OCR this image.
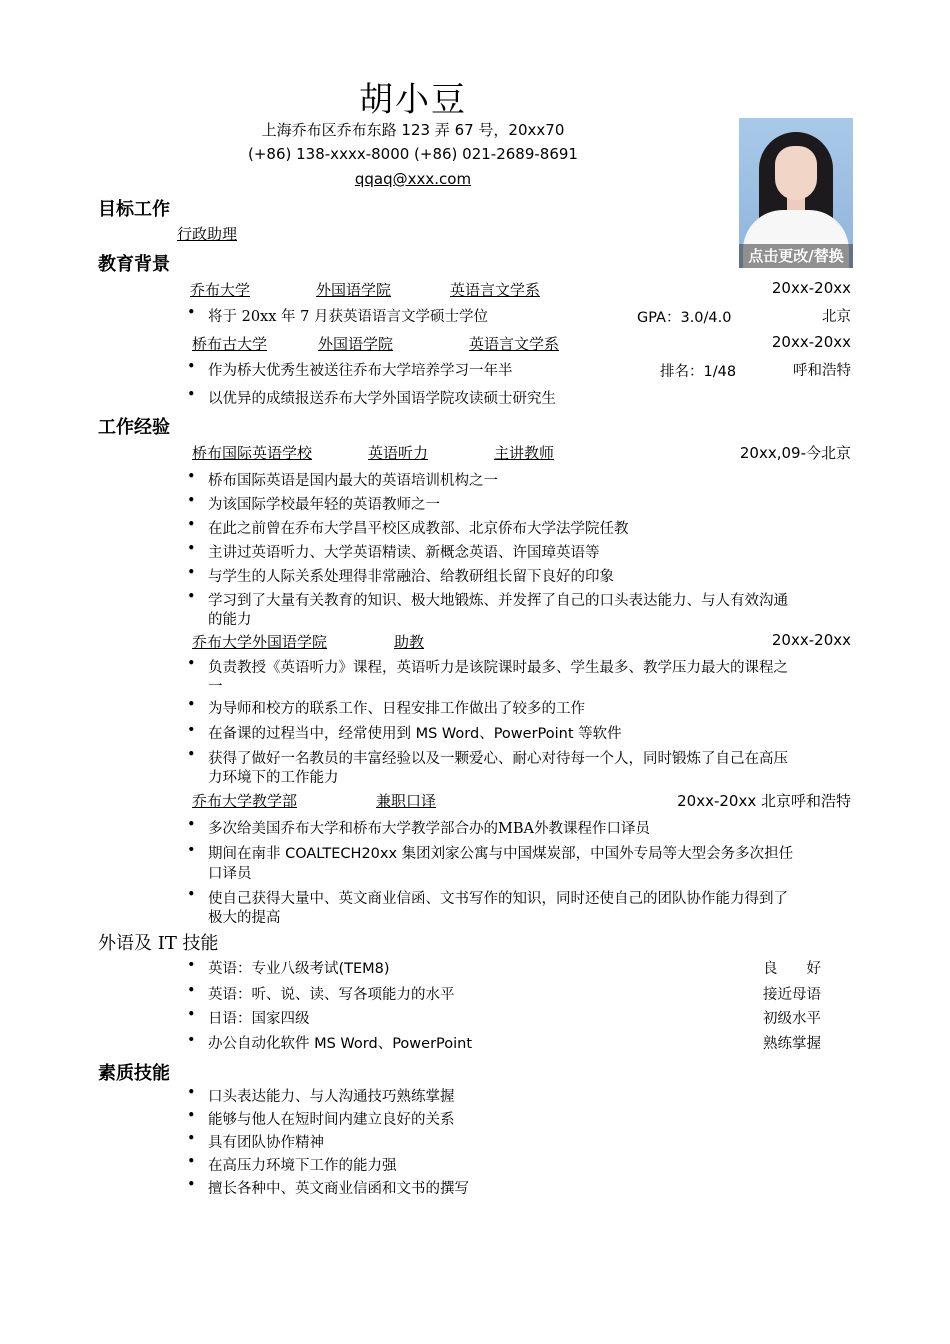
胡小豆
上海乔布区乔布东路 123 弄 67 号，20xx70
(+86) 138-xxxx-8000 (+86) 021-2689-8691
qqaq@xxx.com
点击更改/替换
目标工作
行政助理
教育背景
乔布大学	外国语学院	英语言文学系	20xx-20xx
• 将于 20xx 年 7 月获英语语言文学硕士学位	GPA：3.0/4.0	北京
桥布古大学	外国语学院	英语言文学系	20xx-20xx
• 作为桥大优秀生被送往乔布大学培养学习一年半	排名：1/48	呼和浩特
• 以优异的成绩报送乔布大学外国语学院攻读硕士研究生
工作经验
桥布国际英语学校	英语听力	主讲教师	20xx,09-今北京
• 桥布国际英语是国内最大的英语培训机构之一
• 为该国际学校最年轻的英语教师之一
• 在此之前曾在乔布大学昌平校区成教部、北京侨布大学法学院任教
• 主讲过英语听力、大学英语精读、新概念英语、许国璋英语等
• 与学生的人际关系处理得非常融洽、给教研组长留下良好的印象
• 学习到了大量有关教育的知识、极大地锻炼、并发挥了自己的口头表达能力、与人有效沟通
的能力
乔布大学外国语学院	助教	20xx-20xx
• 负责教授《英语听力》课程，英语听力是该院课时最多、学生最多、教学压力最大的课程之
一
• 为导师和校方的联系工作、日程安排工作做出了较多的工作
• 在备课的过程当中，经常使用到 MS Word、PowerPoint 等软件
• 获得了做好一名教员的丰富经验以及一颗爱心、耐心对待每一个人，同时锻炼了自己在高压
力环境下的工作能力
乔布大学教学部	兼职口译	20xx-20xx 北京呼和浩特
• 多次给美国乔布大学和桥布大学教学部合办的MBA外教课程作口译员
• 期间在南非 COALTECH20xx 集团刘家公寓与中国煤炭部，中国外专局等大型会务多次担任
口译员
• 使自己获得大量中、英文商业信函、文书写作的知识，同时还使自己的团队协作能力得到了
极大的提高
外语及 IT 技能
• 英语：专业八级考试(TEM8)	良　　好
• 英语：听、说、读、写各项能力的水平	接近母语
• 日语：国家四级	初级水平
• 办公自动化软件 MS Word、PowerPoint	熟练掌握
素质技能
• 口头表达能力、与人沟通技巧熟练掌握
• 能够与他人在短时间内建立良好的关系
• 具有团队协作精神
• 在高压力环境下工作的能力强
• 擅长各种中、英文商业信函和文书的撰写
